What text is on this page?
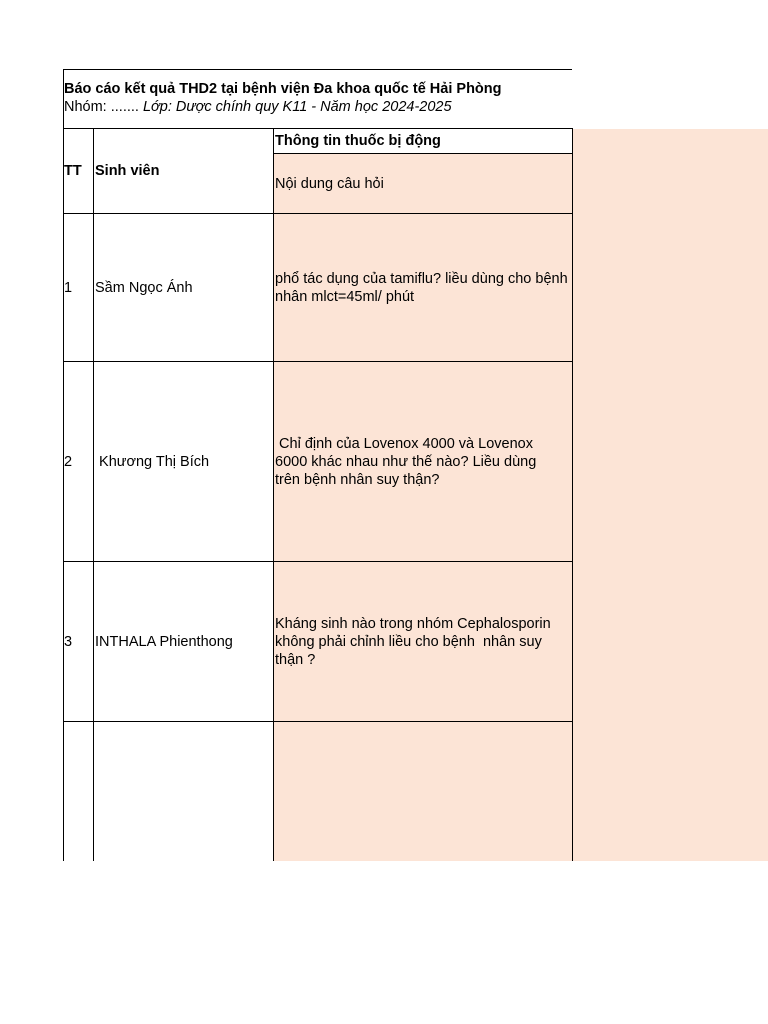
Báo cáo kết quả THD2 tại bệnh viện Đa khoa quốc tế Hải Phòng
Nhóm: ....... Lớp: Dược chính quy K11 - Năm học 2024-2025
Thông tin thuốc bị động
TT Sinh viên
Nội dung câu hỏi
1 Sầm Ngọc Ánh
phổ tác dụng của tamiflu? liều dùng cho bệnh nhân mlct=45ml/ phút
2 Khương Thị Bích
Chỉ định của Lovenox 4000 và Lovenox 6000 khác nhau như thế nào? Liều dùng trên bệnh nhân suy thận?
3 INTHALA Phienthong
Kháng sinh nào trong nhóm Cephalosporin không phải chỉnh liều cho bệnh  nhân suy thận ?
